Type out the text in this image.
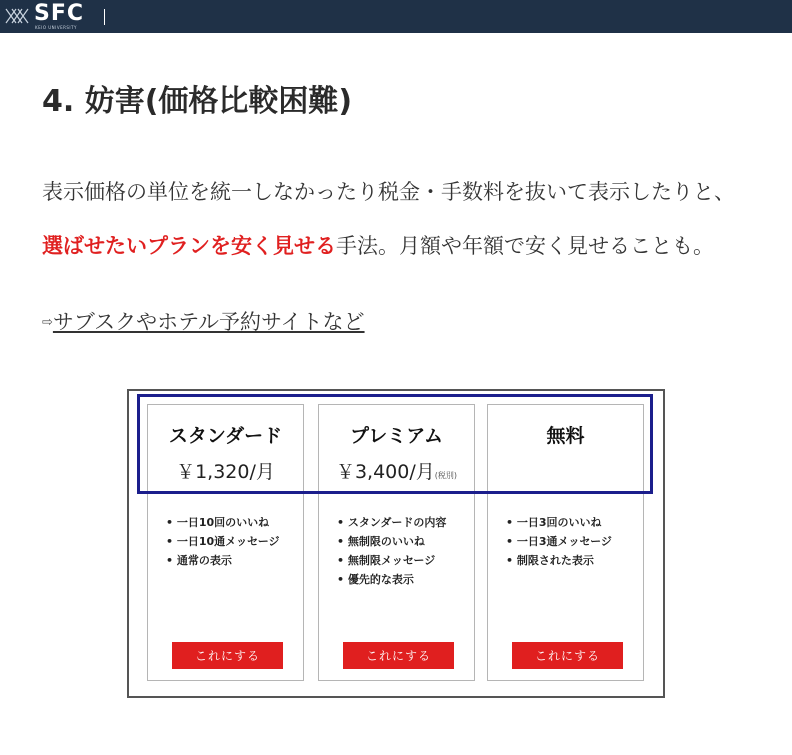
SFC
KEIO UNIVERSITY
4. 妨害(価格比較困難)
表示価格の単位を統一しなかったり税金・手数料を抜いて表示したりと、
選ばせたいプランを安く見せる手法。月額や年額で安く見せることも。
⇨サブスクやホテル予約サイトなど
スタンダード
￥1,320/月
• 一日10回のいいね
• 一日10通メッセージ
• 通常の表示
これにする
プレミアム
￥3,400/月(税別)
• スタンダードの内容
• 無制限のいいね
• 無制限メッセージ
• 優先的な表示
これにする
無料
• 一日3回のいいね
• 一日3通メッセージ
• 制限された表示
これにする
